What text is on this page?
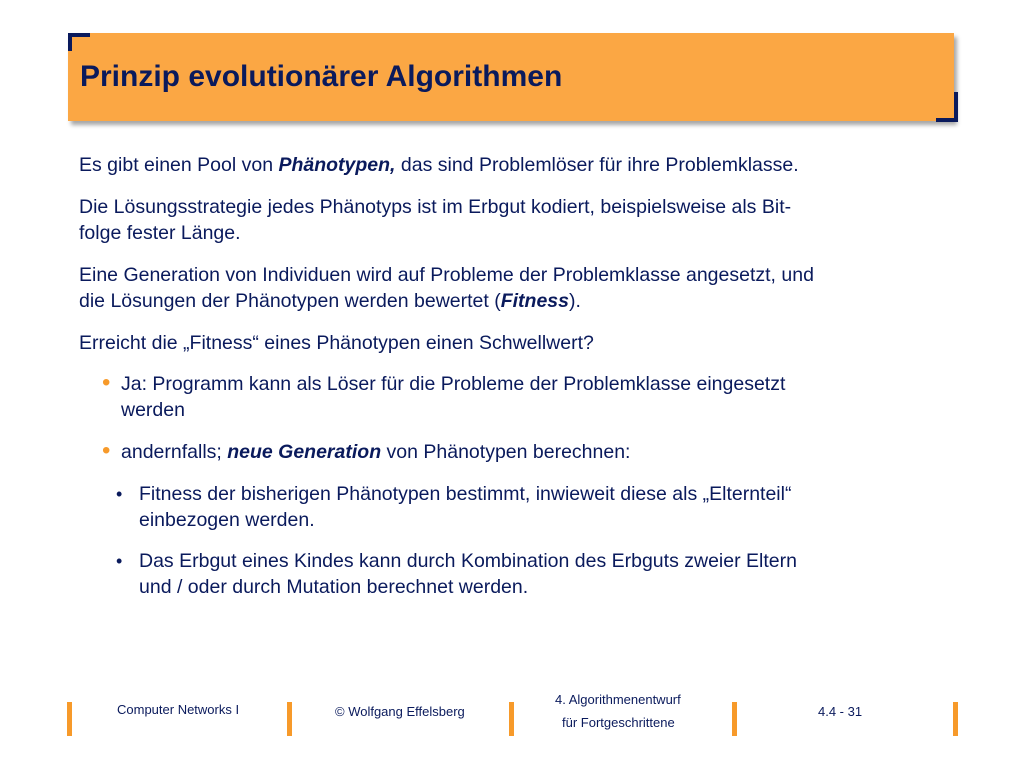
Prinzip evolutionärer Algorithmen
Es gibt einen Pool von Phänotypen, das sind Problemlöser für ihre Problemklasse.
Die Lösungsstrategie jedes Phänotyps ist im Erbgut kodiert, beispielsweise als Bit-
folge fester Länge.
Eine Generation von Individuen wird auf Probleme der Problemklasse angesetzt, und
die Lösungen der Phänotypen werden bewertet (Fitness).
Erreicht die „Fitness“ eines Phänotypen einen Schwellwert?
• Ja: Programm kann als Löser für die Probleme der Problemklasse eingesetzt
werden
• andernfalls; neue Generation von Phänotypen berechnen:
• Fitness der bisherigen Phänotypen bestimmt, inwieweit diese als „Elternteil“
einbezogen werden.
• Das Erbgut eines Kindes kann durch Kombination des Erbguts zweier Eltern
und / oder durch Mutation berechnet werden.
Computer Networks I	© Wolfgang Effelsberg
4. Algorithmenentwurf
für Fortgeschrittene
4.4 - 31
